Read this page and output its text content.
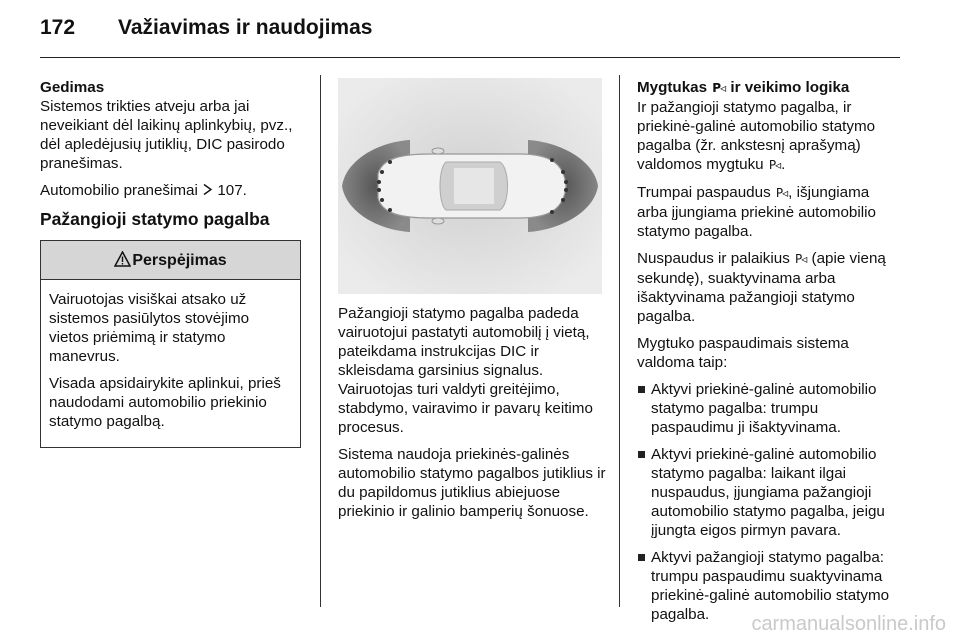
172 Važiavimas ir naudojimas
Gedimas

Sistemos trikties atveju arba jai neveikiant dėl laikinų aplinkybių, pvz., dėl apledėjusių jutiklių, DIC pasirodo pranešimas.

Automobilio pranešimai 107.

Pažangioji statymo pagalba
Perspėjimas

Vairuotojas visiškai atsako už sistemos pasiūlytos stovėjimo vietos priėmimą ir statymo manevrus.

Visada apsidairykite aplinkui, prieš naudodami automobilio priekinio statymo pagalbą.

Pažangioji statymo pagalba padeda vairuotojui pastatyti automobilį į vietą, pateikdama instrukcijas DIC ir skleisdama garsinius signalus. Vairuotojas turi valdyti greitėjimo, stabdymo, vairavimo ir pavarų keitimo procesus.

Sistema naudoja priekinės-galinės automobilio statymo pagalbos jutiklius ir du papildomus jutiklius abiejuose priekinio ir galinio bamperių šonuose.

Mygtukas P◃ ir veikimo logika

Ir pažangioji statymo pagalba, ir priekinė-galinė automobilio statymo pagalba (žr. ankstesnį aprašymą) valdomos mygtuku P◃.

Trumpai paspaudus P◃, išjungiama arba įjungiama priekinė automobilio statymo pagalba.

Nuspaudus ir palaikius P◃ (apie vieną sekundę), suaktyvinama arba išaktyvinama pažangioji statymo pagalba.

Mygtuko paspaudimais sistema valdoma taip:

Aktyvi priekinė-galinė automobilio statymo pagalba: trumpu paspaudimu ji išaktyvinama.
Aktyvi priekinė-galinė automobilio statymo pagalba: laikant ilgai nuspaudus, įjungiama pažangioji automobilio statymo pagalba, jeigu įjungta eigos pirmyn pavara.
Aktyvi pažangioji statymo pagalba: trumpu paspaudimu suaktyvinama priekinė-galinė automobilio statymo pagalba.	carmanualsonline.info
